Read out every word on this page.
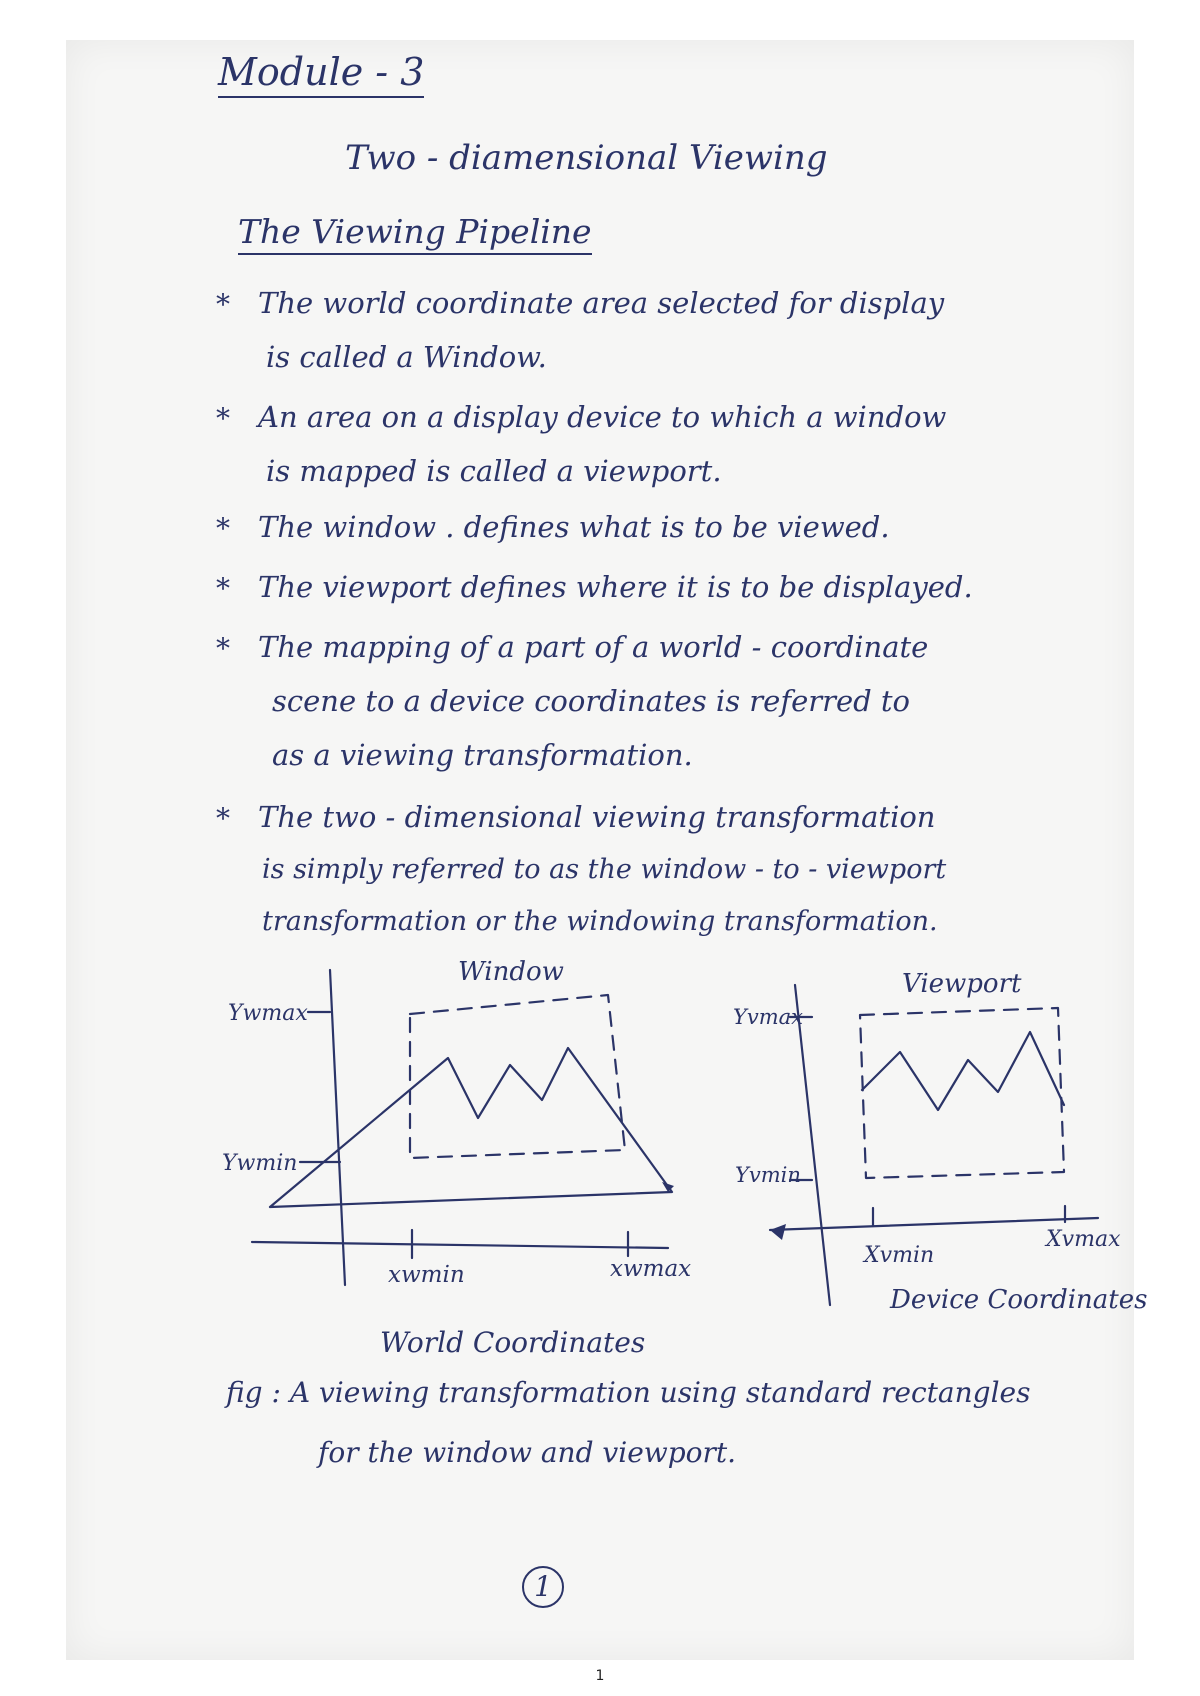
Module - 3
Two - diamensional Viewing
The Viewing Pipeline
* The world coordinate area selected for display
is called a Window.
* An area on a display device to which a window
is mapped is called a viewport.
* The window . defines what is to be viewed.
* The viewport defines where it is to be displayed.
* The mapping of a part of a world - coordinate
scene to a device coordinates is referred to
as a viewing transformation.
* The two - dimensional viewing transformation
is simply referred to as the window - to - viewport
transformation or the windowing transformation.
Window
Ywmax
Ywmin
xwmin	xwmax
World Coordinates
Viewport
Yvmax
Yvmin
Xvmin
Xvmax
Device Coordinates
fig : A viewing transformation using standard rectangles
for the window and viewport.
1
1
